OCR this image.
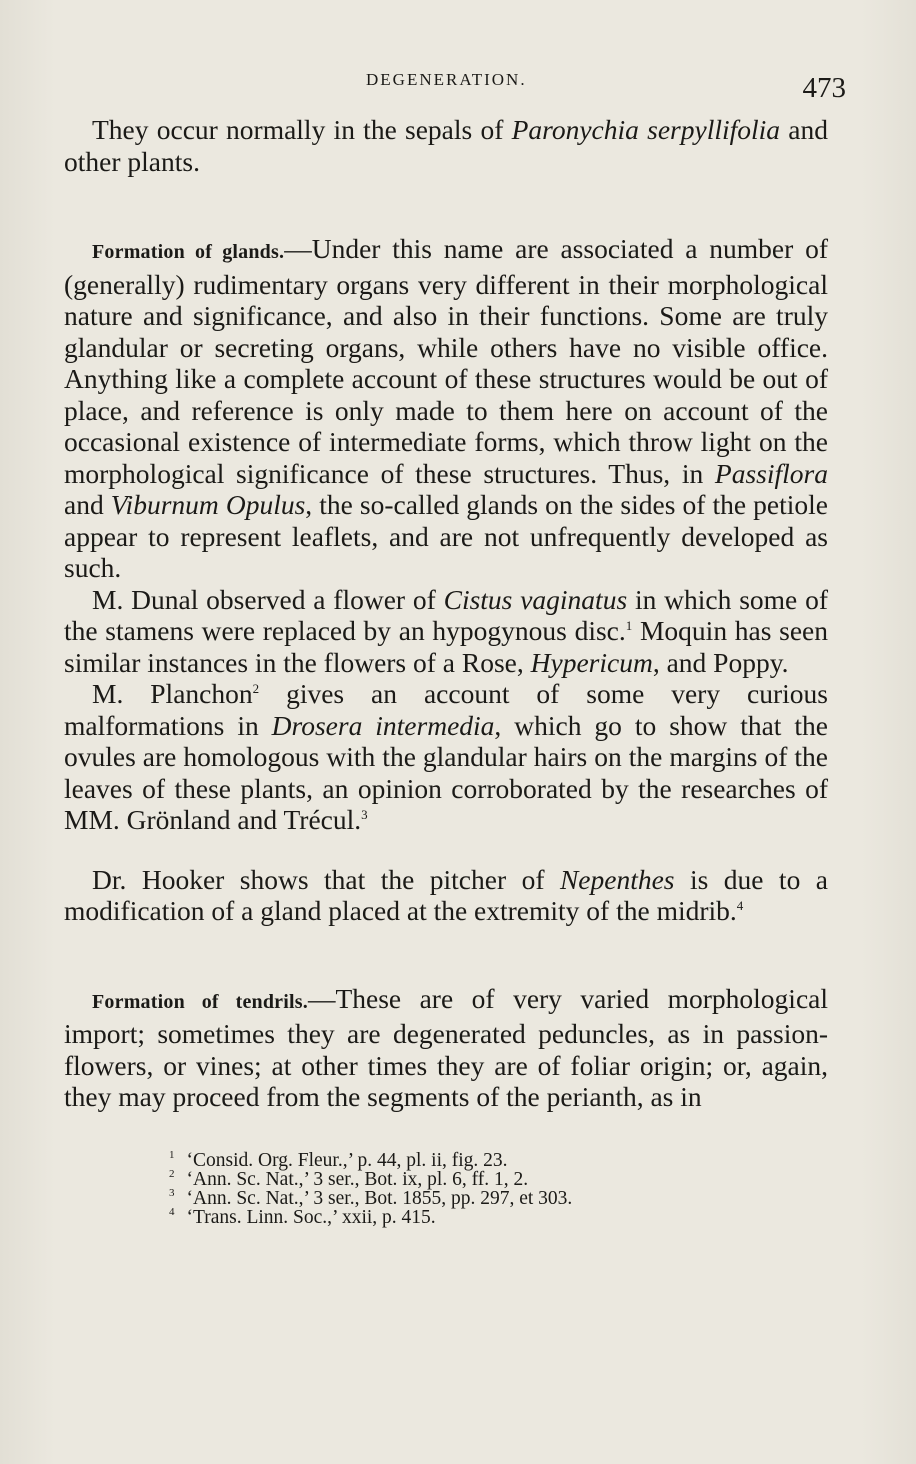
DEGENERATION.	473

They occur normally in the sepals of Paronychia serpyllifolia and other plants.

Formation of glands.—Under this name are associated a number of (generally) rudimentary organs very different in their morphological nature and significance, and also in their functions. Some are truly glandular or secreting organs, while others have no visible office. Anything like a complete account of these structures would be out of place, and reference is only made to them here on account of the occasional existence of intermediate forms, which throw light on the morphological significance of these structures. Thus, in Passiflora and Viburnum Opulus, the so-called glands on the sides of the petiole appear to represent leaflets, and are not unfrequently developed as such.

M. Dunal observed a flower of Cistus vaginatus in which some of the stamens were replaced by an hypogynous disc.$^1$ Moquin has seen similar instances in the flowers of a Rose, Hypericum, and Poppy.

M. Planchon$^2$ gives an account of some very curious malformations in Drosera intermedia, which go to show that the ovules are homologous with the glandular hairs on the margins of the leaves of these plants, an opinion corroborated by the researches of MM. Grönland and Trécul.$^3$

Dr. Hooker shows that the pitcher of Nepenthes is due to a modification of a gland placed at the extremity of the midrib.$^4$

Formation of tendrils.—These are of very varied morphological import; sometimes they are degenerated peduncles, as in passion-flowers, or vines; at other times they are of foliar origin; or, again, they may proceed from the segments of the perianth, as in

$^1$ ‘Consid. Org. Fleur.,’ p. 44, pl. ii, fig. 23.
$^2$ ‘Ann. Sc. Nat.,’ 3 ser., Bot. ix, pl. 6, ff. 1, 2.
$^3$ ‘Ann. Sc. Nat.,’ 3 ser., Bot. 1855, pp. 297, et 303.
$^4$ ‘Trans. Linn. Soc.,’ xxii, p. 415.
